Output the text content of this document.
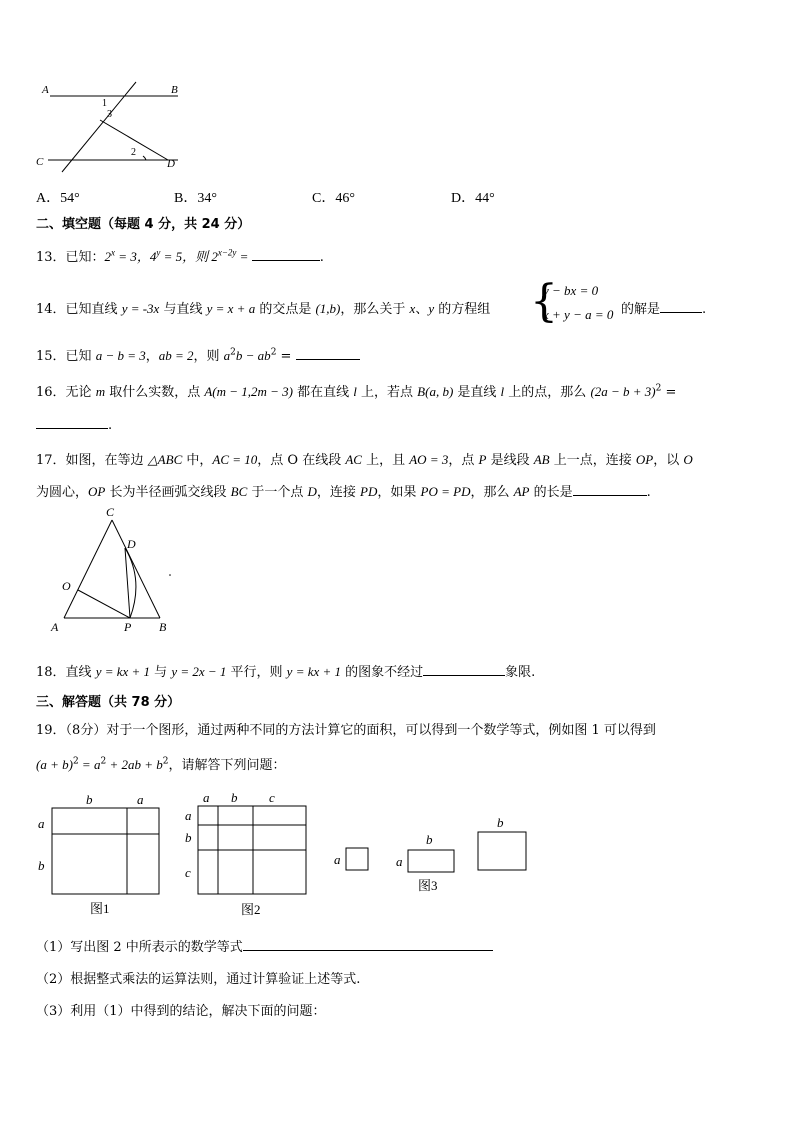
A	B
C	D
1
3
2
A．54°	B．34°	C．46°	D．44°
二、填空题（每题 4 分，共 24 分）
13．已知：$2^x = 3$，$4^y = 5$，则 $2^{x-2y}$ =	.
14．已知直线 y = -3x 与直线 y = x + a 的交点是 (1,b)，那么关于 x、y 的方程组 {
y − bx = 0
x + y − a = 0 的解是	.
15．已知 a − b = 3，ab = 2，则 $a^2b - ab^2$ =
16．无论 m 取什么实数，点 A(m − 1,2m − 3) 都在直线 l 上，若点 B(a, b) 是直线 l 上的点，那么 $(2a - b + 3)^2$ =
.
17．如图，在等边 △ABC 中，AC = 10，点 O 在线段 AC 上，且 AO = 3，点 P 是线段 AB 上一点，连接 OP，以 O
为圆心，OP 长为半径画弧交线段 BC 于一个点 D，连接 PD，如果 PO = PD，那么 AP 的长是	.
C
D
O
A	P B
18．直线 y = kx + 1 与 y = 2x − 1 平行，则 y = kx + 1 的图象不经过	象限.
三、解答题（共 78 分）
19．（8分）对于一个图形，通过两种不同的方法计算它的面积，可以得到一个数学等式，例如图 1 可以得到
$(a + b)^2 = a^2 + 2ab + b^2$，请解答下列问题：
b	a
a
b
图1
a b c
a
b
c
图2
a
b
a
b
图3
（1）写出图 2 中所表示的数学等式
（2）根据整式乘法的运算法则，通过计算验证上述等式.
（3）利用（1）中得到的结论，解决下面的问题：
